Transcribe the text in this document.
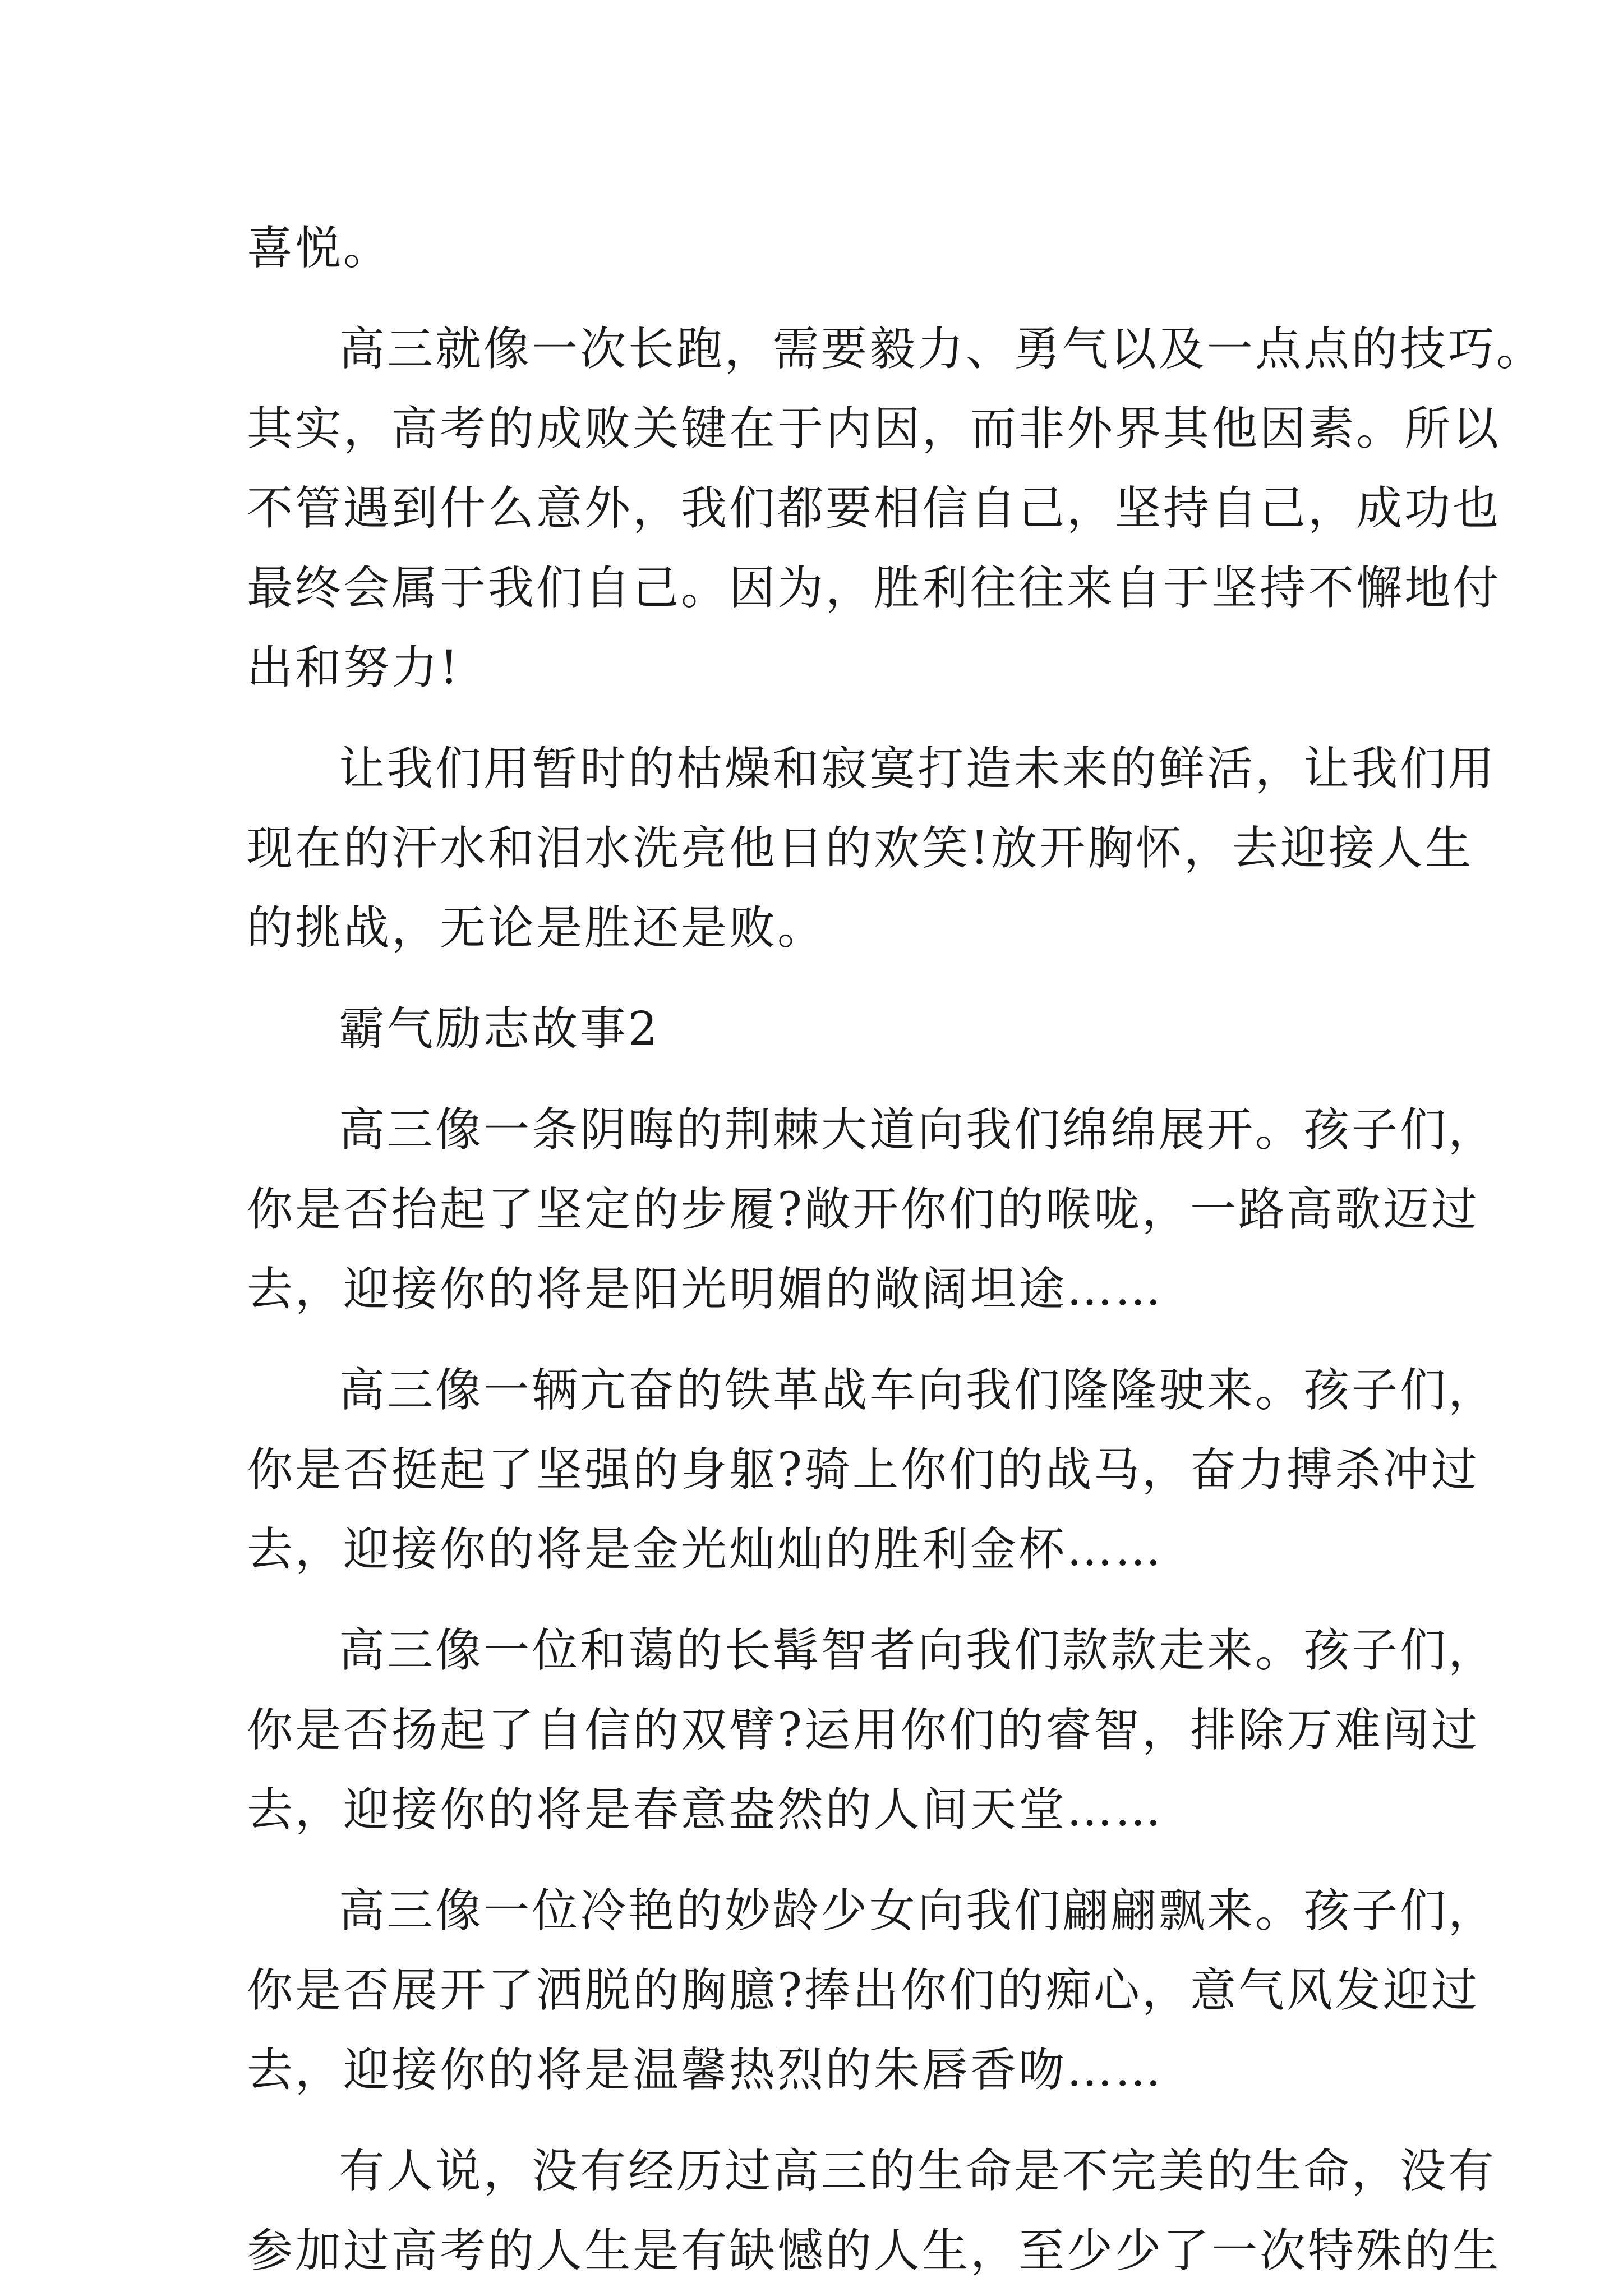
喜悦。
高三就像一次长跑，需要毅力、勇气以及一点点的技巧。
其实，高考的成败关键在于内因，而非外界其他因素。所以
不管遇到什么意外，我们都要相信自己，坚持自己，成功也
最终会属于我们自己。因为，胜利往往来自于坚持不懈地付
出和努力!
让我们用暂时的枯燥和寂寞打造未来的鲜活，让我们用
现在的汗水和泪水洗亮他日的欢笑!放开胸怀，去迎接人生
的挑战，无论是胜还是败。
霸气励志故事2
高三像一条阴晦的荆棘大道向我们绵绵展开。孩子们，
你是否抬起了坚定的步履?敞开你们的喉咙，一路高歌迈过
去，迎接你的将是阳光明媚的敞阔坦途……
高三像一辆亢奋的铁革战车向我们隆隆驶来。孩子们，
你是否挺起了坚强的身躯?骑上你们的战马，奋力搏杀冲过
去，迎接你的将是金光灿灿的胜利金杯……
高三像一位和蔼的长髯智者向我们款款走来。孩子们，
你是否扬起了自信的双臂?运用你们的睿智，排除万难闯过
去，迎接你的将是春意盎然的人间天堂……
高三像一位冷艳的妙龄少女向我们翩翩飘来。孩子们，
你是否展开了洒脱的胸臆?捧出你们的痴心，意气风发迎过
去，迎接你的将是温馨热烈的朱唇香吻……
有人说，没有经历过高三的生命是不完美的生命，没有
参加过高考的人生是有缺憾的人生，至少少了一次特殊的生
